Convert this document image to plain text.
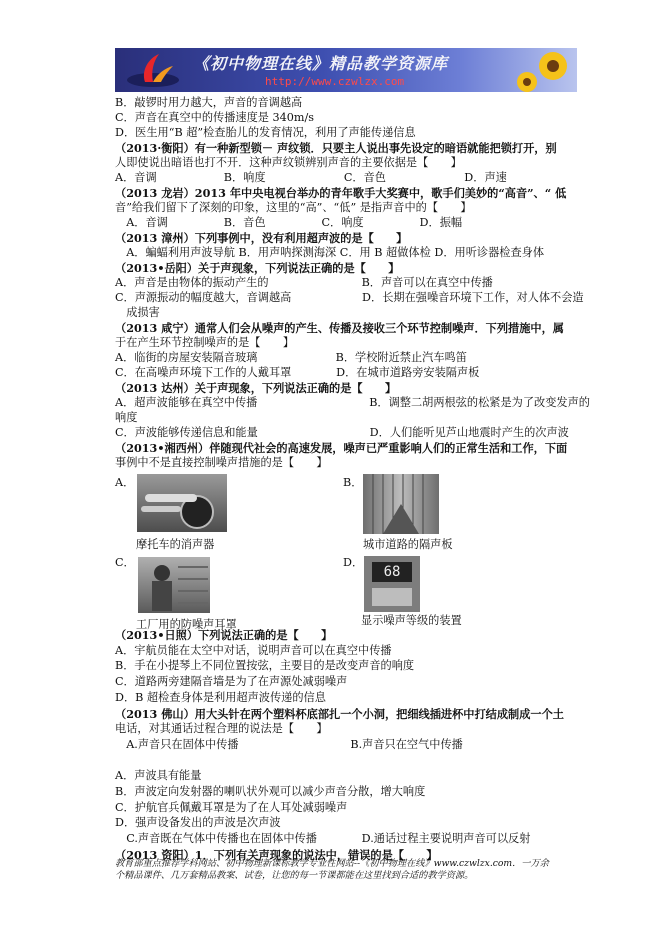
《初中物理在线》精品教学资源库
http://www.czwlzx.com
B．敲锣时用力越大，声音的音调越高
C．声音在真空中的传播速度是 340m/s
D．医生用“B 超”检查胎儿的发育情况，利用了声能传递信息
（2013·衡阳）有一种新型锁－ 声纹锁．只要主人说出事先设定的暗语就能把锁打开，别
人即使说出暗语也打不开．这种声纹锁辨别声音的主要依据是【　　】
A．音调　　　　　　B．响度　　　　　　　C．音色　　　　　　　D．声速
（2013 龙岩）2013 年中央电视台举办的青年歌手大奖赛中，歌手们美妙的“高音”、“ 低
音”给我们留下了深刻的印象，这里的“高”、“低” 是指声音中的【　　】
　A．音调　　　　　B．音色　　　　　C．响度　　　　　D．振幅
（2013 漳州）下列事例中，没有利用超声波的是【　　】
　A．蝙蝠利用声波导航 B．用声呐探测海深 C．用 B 超做体检 D．用听诊器检查身体
（2013•岳阳）关于声现象，下列说法正确的是【　　】
A．声音是由物体的振动产生的　　　　　　　　 B．声音可以在真空中传播
C．声源振动的幅度越大，音调越高　　　　　　 D．长期在强噪音环境下工作，对人体不会造
　成损害
（2013 咸宁）通常人们会从噪声的产生、传播及接收三个环节控制噪声．下列措施中，属
于在产生环节控制噪声的是【　　】
A．临街的房屋安装隔音玻璃　　　　　　　B．学校附近禁止汽车鸣笛
C．在高噪声环境下工作的人戴耳罩　　　　D．在城市道路旁安装隔声板
（2013 达州）关于声现象，下列说法正确的是【　　】
A．超声波能够在真空中传播　　　　　　　　　　B．调整二胡两根弦的松紧是为了改变发声的
响度
C．声波能够传递信息和能量　　　　　　　　　　D．人们能听见芦山地震时产生的次声波
（2013•湘西州）伴随现代社会的高速发展，噪声已严重影响人们的正常生活和工作，下面
事例中不是直接控制噪声措施的是【　　】
A．
摩托车的消声器
B．
城市道路的隔声板
C．
工厂用的防噪声耳罩
D．
68
显示噪声等级的装置
（2013•日照）下列说法正确的是【　　】
A．宇航员能在太空中对话，说明声音可以在真空中传播
B．手在小提琴上不同位置按弦，主要目的是改变声音的响度
C．道路两旁建隔音墙是为了在声源处减弱噪声
D．B 超检查身体是利用超声波传递的信息
（2013 佛山）用大头针在两个塑料杯底部扎一个小洞，把细线插进杯中打结成制成一个土
电话，对其通话过程合理的说法是【　　】
　A.声音只在固体中传播　　　　　　　　　　B.声音只在空气中传播
A．声波具有能量
B．声波定向发射器的喇叭状外观可以减少声音分散，增大响度
C．护航官兵佩戴耳罩是为了在人耳处减弱噪声
D．强声设备发出的声波是次声波
　C.声音既在气体中传播也在固体中传播　　　　D.通话过程主要说明声音可以反射
（2013 资阳）1．下列有关声现象的说法中，错误的是【　　】
教育部重点推荐学科网站、初中物理新课标教学专业性网站--《初中物理在线》www.czwlzx.com．一万余
个精品课件、几万套精品教案、试卷，让您的每一节课都能在这里找到合适的教学资源。
